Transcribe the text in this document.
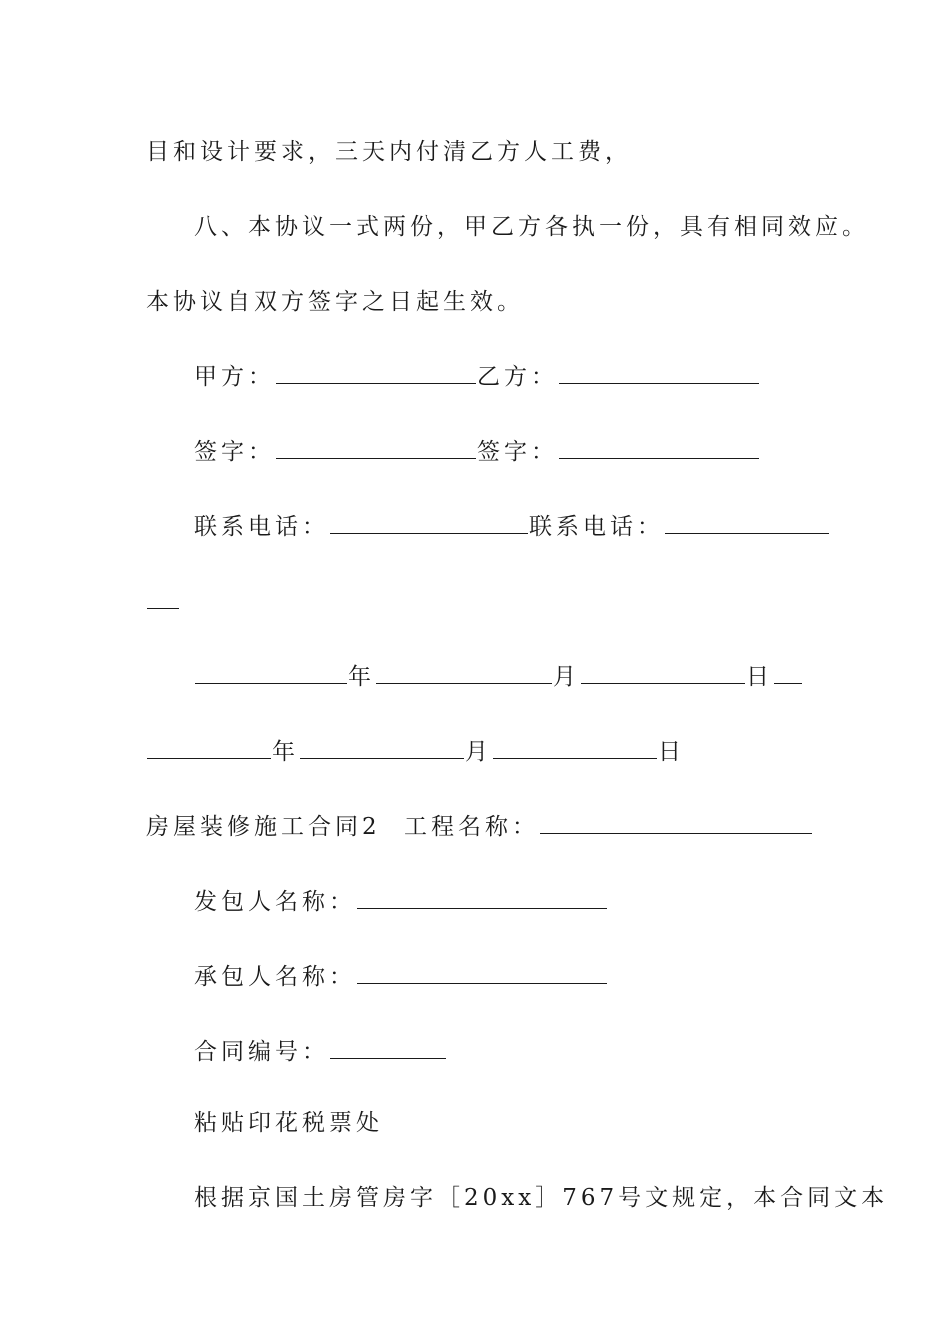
目和设计要求，三天内付清乙方人工费，
八、本协议一式两份，甲乙方各执一份，具有相同效应。
本协议自双方签字之日起生效。
甲方：	乙方：
签字：	签字：
联系电话：	联系电话：
年	月	日
年	月	日
房屋装修施工合同2 工程名称：
发包人名称：
承包人名称：
合同编号：
粘贴印花税票处
根据京国土房管房字［20xx］767号文规定，本合同文本
